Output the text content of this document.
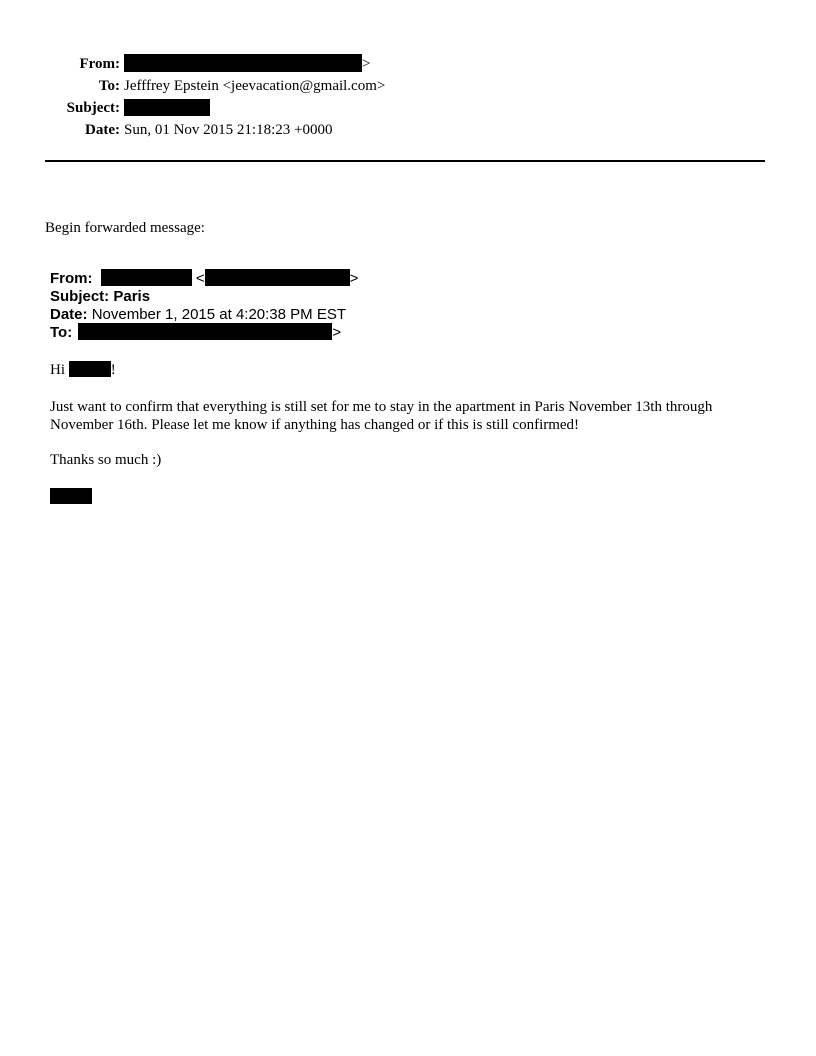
From:	>
To: Jefffrey Epstein <jeevacation@gmail.com>
Subject:
Date: Sun, 01 Nov 2015 21:18:23 +0000
Begin forwarded message:
From:	<	>
Subject: Paris
Date: November 1, 2015 at 4:20:38 PM EST
To:	>
Hi	!
Just want to confirm that everything is still set for me to stay in the apartment in Paris November 13th through November 16th. Please let me know if anything has changed or if this is still confirmed!
Thanks so much :)
